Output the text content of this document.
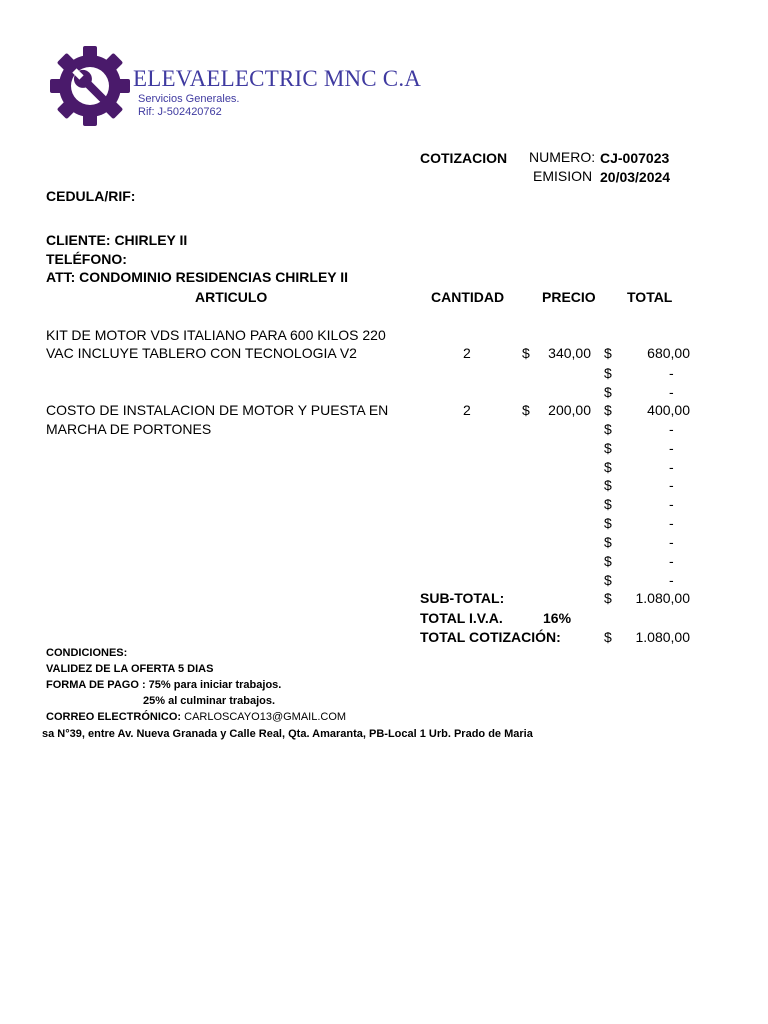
ELEVAELECTRIC MNC C.A
Servicios Generales.
Rif: J-502420762
COTIZACION NUMERO: CJ-007023
EMISION 20/03/2024
CEDULA/RIF:
CLIENTE: CHIRLEY II
TELÉFONO:
ATT: CONDOMINIO RESIDENCIAS CHIRLEY II
ARTICULO	CANTIDAD	PRECIO TOTAL
KIT DE MOTOR VDS ITALIANO PARA 600 KILOS 220
VAC INCLUYE TABLERO CON TECNOLOGIA V2	2	$	340,00 $	680,00
COSTO DE INSTALACION DE MOTOR Y PUESTA EN
MARCHA DE PORTONES
2	$	200,00 $	400,00
$	-
$	-
$	-
$	-
$	-
$	-
$	-
$	-
$	-
$	-
$	-
SUB-TOTAL:	$	1.080,00
TOTAL I.V.A.	16%
TOTAL COTIZACIÓN:	$	1.080,00
CONDICIONES:
VALIDEZ DE LA OFERTA 5 DIAS
FORMA DE PAGO : 75% para iniciar trabajos.
25% al culminar trabajos.
CORREO ELECTRÓNICO: CARLOSCAYO13@GMAIL.COM
sa N°39, entre Av. Nueva Granada y Calle Real, Qta. Amaranta, PB-Local 1 Urb. Prado de Maria
